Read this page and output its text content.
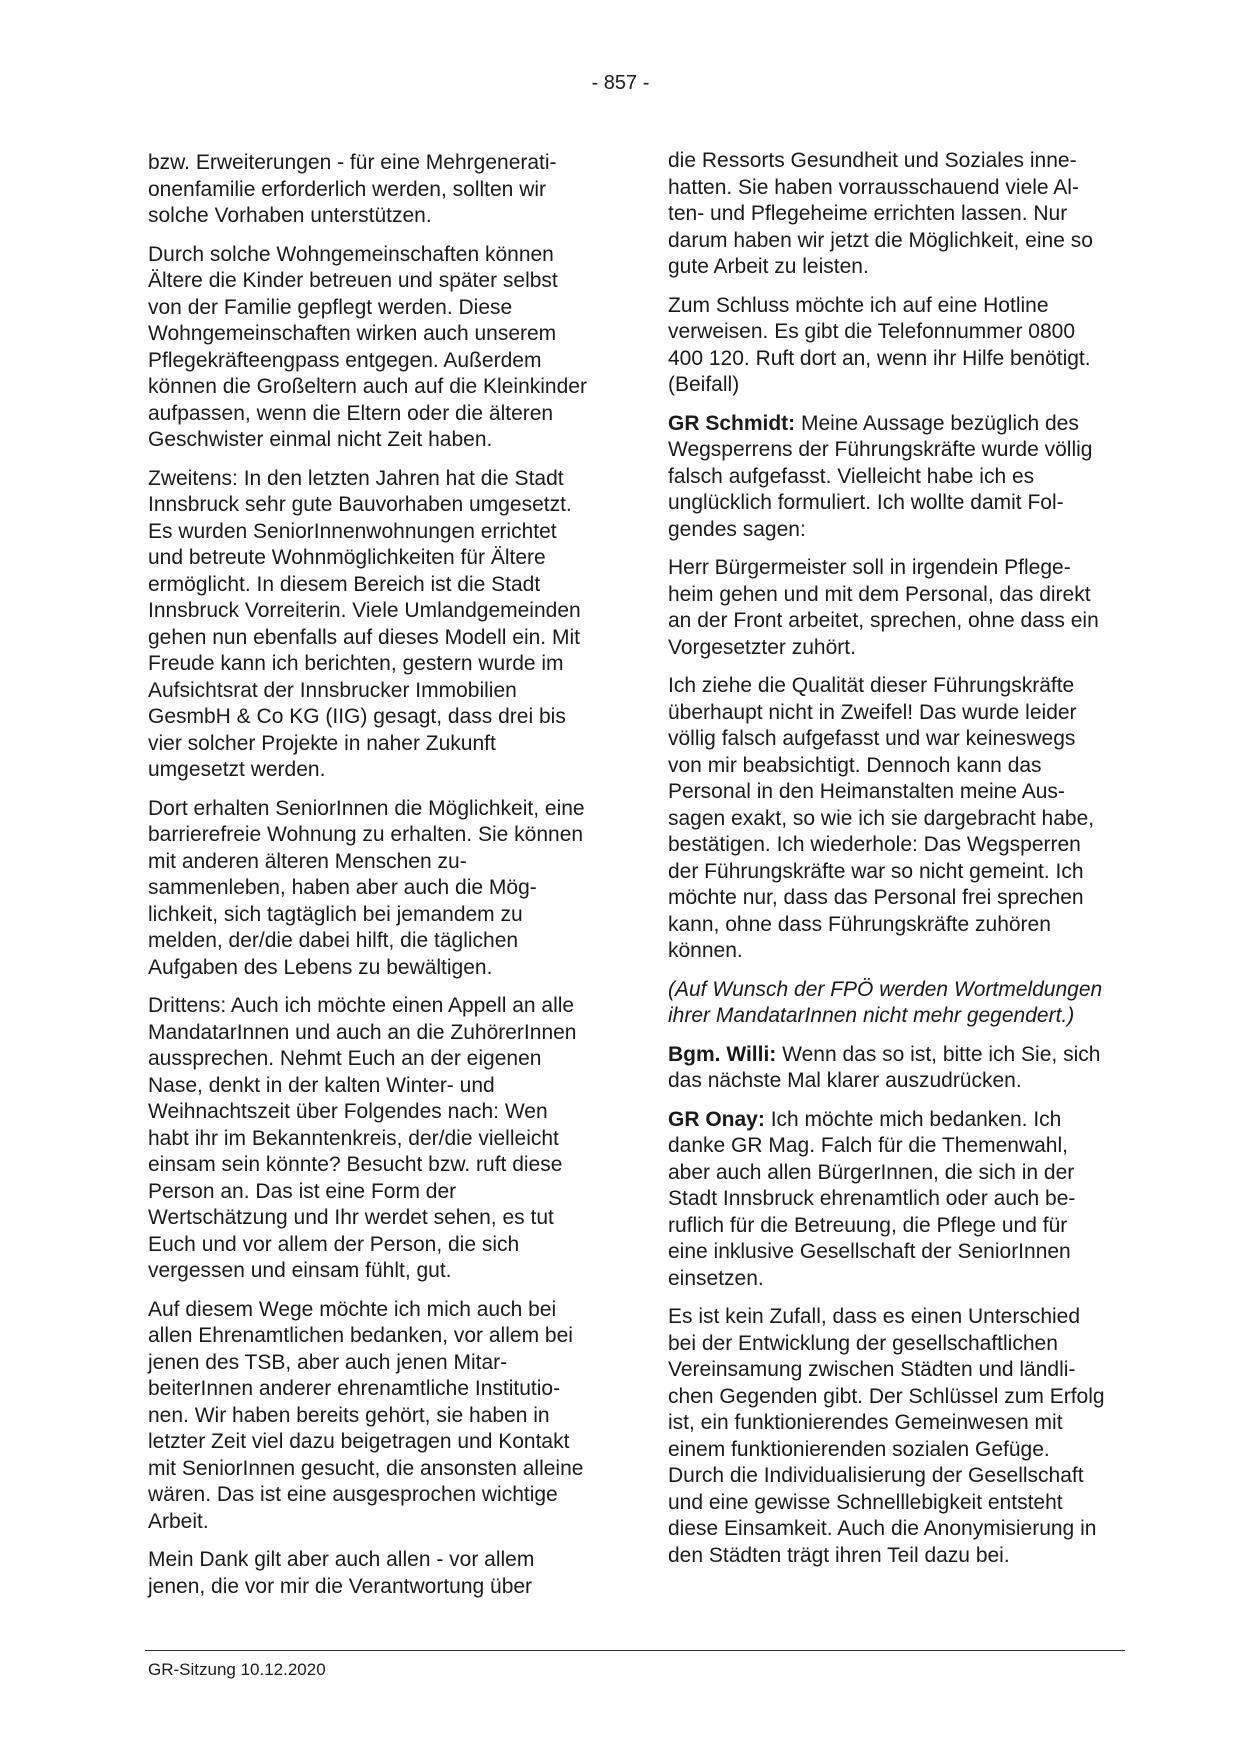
- 857 -

bzw. Erweiterungen - für eine Mehrgenerationenfamilie erforderlich werden, sollten wir solche Vorhaben unterstützen.

Durch solche Wohngemeinschaften können Ältere die Kinder betreuen und später selbst von der Familie gepflegt werden. Diese Wohngemeinschaften wirken auch unserem Pflegekräfteengpass entgegen. Außerdem können die Großeltern auch auf die Kleinkinder aufpassen, wenn die Eltern oder die älteren Geschwister einmal nicht Zeit haben.

Zweitens: In den letzten Jahren hat die Stadt Innsbruck sehr gute Bauvorhaben umgesetzt. Es wurden SeniorInnenwohnungen errichtet und betreute Wohnmöglichkeiten für Ältere ermöglicht. In diesem Bereich ist die Stadt Innsbruck Vorreiterin. Viele Umlandgemeinden gehen nun ebenfalls auf dieses Modell ein. Mit Freude kann ich berichten, gestern wurde im Aufsichtsrat der Innsbrucker Immobilien GesmbH & Co KG (IIG) gesagt, dass drei bis vier solcher Projekte in naher Zukunft umgesetzt werden.

Dort erhalten SeniorInnen die Möglichkeit, eine barrierefreie Wohnung zu erhalten. Sie können mit anderen älteren Menschen zusammenleben, haben aber auch die Möglichkeit, sich tagtäglich bei jemandem zu melden, der/die dabei hilft, die täglichen Aufgaben des Lebens zu bewältigen.

Drittens: Auch ich möchte einen Appell an alle MandatarInnen und auch an die ZuhörerInnen aussprechen. Nehmt Euch an der eigenen Nase, denkt in der kalten Winter- und Weihnachtszeit über Folgendes nach: Wen habt ihr im Bekanntenkreis, der/die vielleicht einsam sein könnte? Besucht bzw. ruft diese Person an. Das ist eine Form der Wertschätzung und Ihr werdet sehen, es tut Euch und vor allem der Person, die sich vergessen und einsam fühlt, gut.

Auf diesem Wege möchte ich mich auch bei allen Ehrenamtlichen bedanken, vor allem bei jenen des TSB, aber auch jenen MitarbeiterInnen anderer ehrenamtliche Institutionen. Wir haben bereits gehört, sie haben in letzter Zeit viel dazu beigetragen und Kontakt mit SeniorInnen gesucht, die ansonsten alleine wären. Das ist eine ausgesprochen wichtige Arbeit.

Mein Dank gilt aber auch allen - vor allem jenen, die vor mir die Verantwortung über

die Ressorts Gesundheit und Soziales innehatten. Sie haben vorrausschauend viele Alten- und Pflegeheime errichten lassen. Nur darum haben wir jetzt die Möglichkeit, eine so gute Arbeit zu leisten.

Zum Schluss möchte ich auf eine Hotline verweisen. Es gibt die Telefonnummer 0800 400 120. Ruft dort an, wenn ihr Hilfe benötigt. (Beifall)

GR Schmidt: Meine Aussage bezüglich des Wegsperrens der Führungskräfte wurde völlig falsch aufgefasst. Vielleicht habe ich es unglücklich formuliert. Ich wollte damit Folgendes sagen:

Herr Bürgermeister soll in irgendein Pflegeheim gehen und mit dem Personal, das direkt an der Front arbeitet, sprechen, ohne dass ein Vorgesetzter zuhört.

Ich ziehe die Qualität dieser Führungskräfte überhaupt nicht in Zweifel! Das wurde leider völlig falsch aufgefasst und war keineswegs von mir beabsichtigt. Dennoch kann das Personal in den Heimanstalten meine Aussagen exakt, so wie ich sie dargebracht habe, bestätigen. Ich wiederhole: Das Wegsperren der Führungskräfte war so nicht gemeint. Ich möchte nur, dass das Personal frei sprechen kann, ohne dass Führungskräfte zuhören können.

(Auf Wunsch der FPÖ werden Wortmeldungen ihrer MandatarInnen nicht mehr gegendert.)

Bgm. Willi: Wenn das so ist, bitte ich Sie, sich das nächste Mal klarer auszudrücken.

GR Onay: Ich möchte mich bedanken. Ich danke GR Mag. Falch für die Themenwahl, aber auch allen BürgerInnen, die sich in der Stadt Innsbruck ehrenamtlich oder auch beruflich für die Betreuung, die Pflege und für eine inklusive Gesellschaft der SeniorInnen einsetzen.

Es ist kein Zufall, dass es einen Unterschied bei der Entwicklung der gesellschaftlichen Vereinsamung zwischen Städten und ländlichen Gegenden gibt. Der Schlüssel zum Erfolg ist, ein funktionierendes Gemeinwesen mit einem funktionierenden sozialen Gefüge. Durch die Individualisierung der Gesellschaft und eine gewisse Schnelllebigkeit entsteht diese Einsamkeit. Auch die Anonymisierung in den Städten trägt ihren Teil dazu bei.

GR-Sitzung 10.12.2020
